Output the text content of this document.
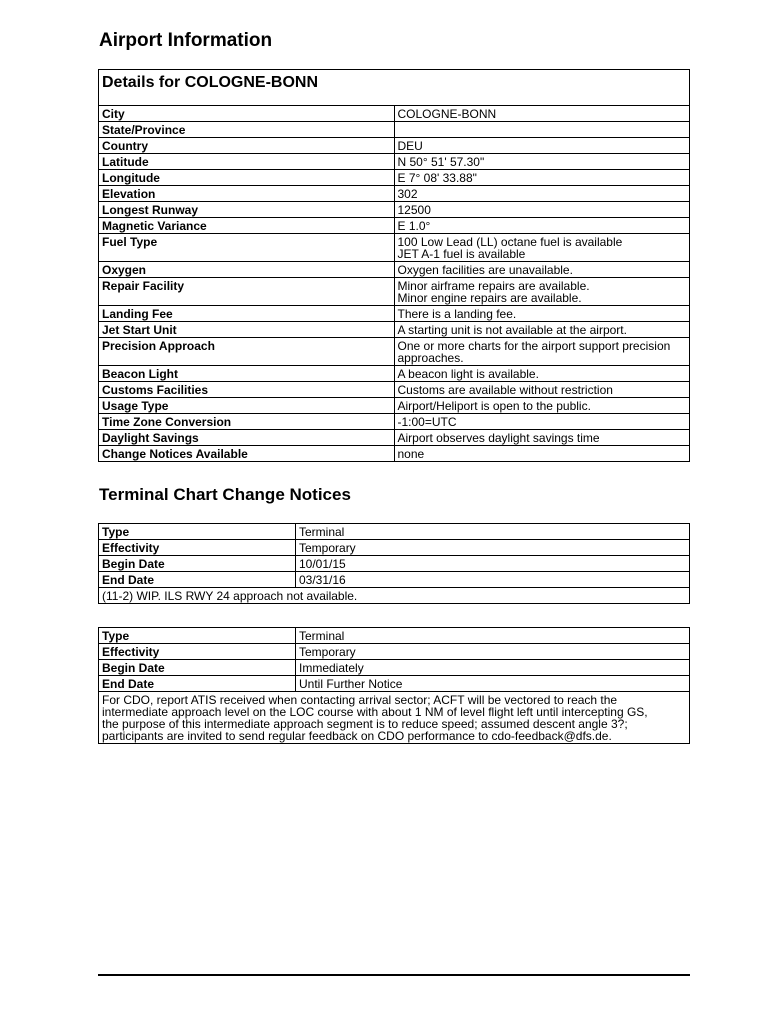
Airport Information
Details for COLOGNE-BONN	
City	COLOGNE-BONN
State/Province	
Country	DEU
Latitude	N 50° 51' 57.30"
Longitude	E 7° 08' 33.88"
Elevation	302
Longest Runway	12500
Magnetic Variance	E 1.0°
Fuel Type	100 Low Lead (LL) octane fuel is available
JET A-1 fuel is available

Oxygen	Oxygen facilities are unavailable.
Repair Facility	Minor airframe repairs are available.
Minor engine repairs are available.

Landing Fee	There is a landing fee.
Jet Start Unit	A starting unit is not available at the airport.
Precision Approach	One or more charts for the airport support precision approaches.
Beacon Light	A beacon light is available.
Customs Facilities	Customs are available without restriction
Usage Type	Airport/Heliport is open to the public.
Time Zone Conversion	-1:00=UTC
Daylight Savings	Airport observes daylight savings time
Change Notices Available	none
Terminal Chart Change Notices
Type	Terminal
Effectivity	Temporary
Begin Date	10/01/15
End Date	03/31/16
(11-2) WIP. ILS RWY 24 approach not available.	
Type	Terminal
Effectivity	Temporary
Begin Date	Immediately
End Date	Until Further Notice

For CDO, report ATIS received when contacting arrival sector; ACFT will be vectored to reach the
intermediate approach level on the LOC course with about 1 NM of level flight left until intercepting GS,
the purpose of this intermediate approach segment is to reduce speed; assumed descent angle 3?;
participants are invited to send regular feedback on CDO performance to cdo-feedback@dfs.de.	
